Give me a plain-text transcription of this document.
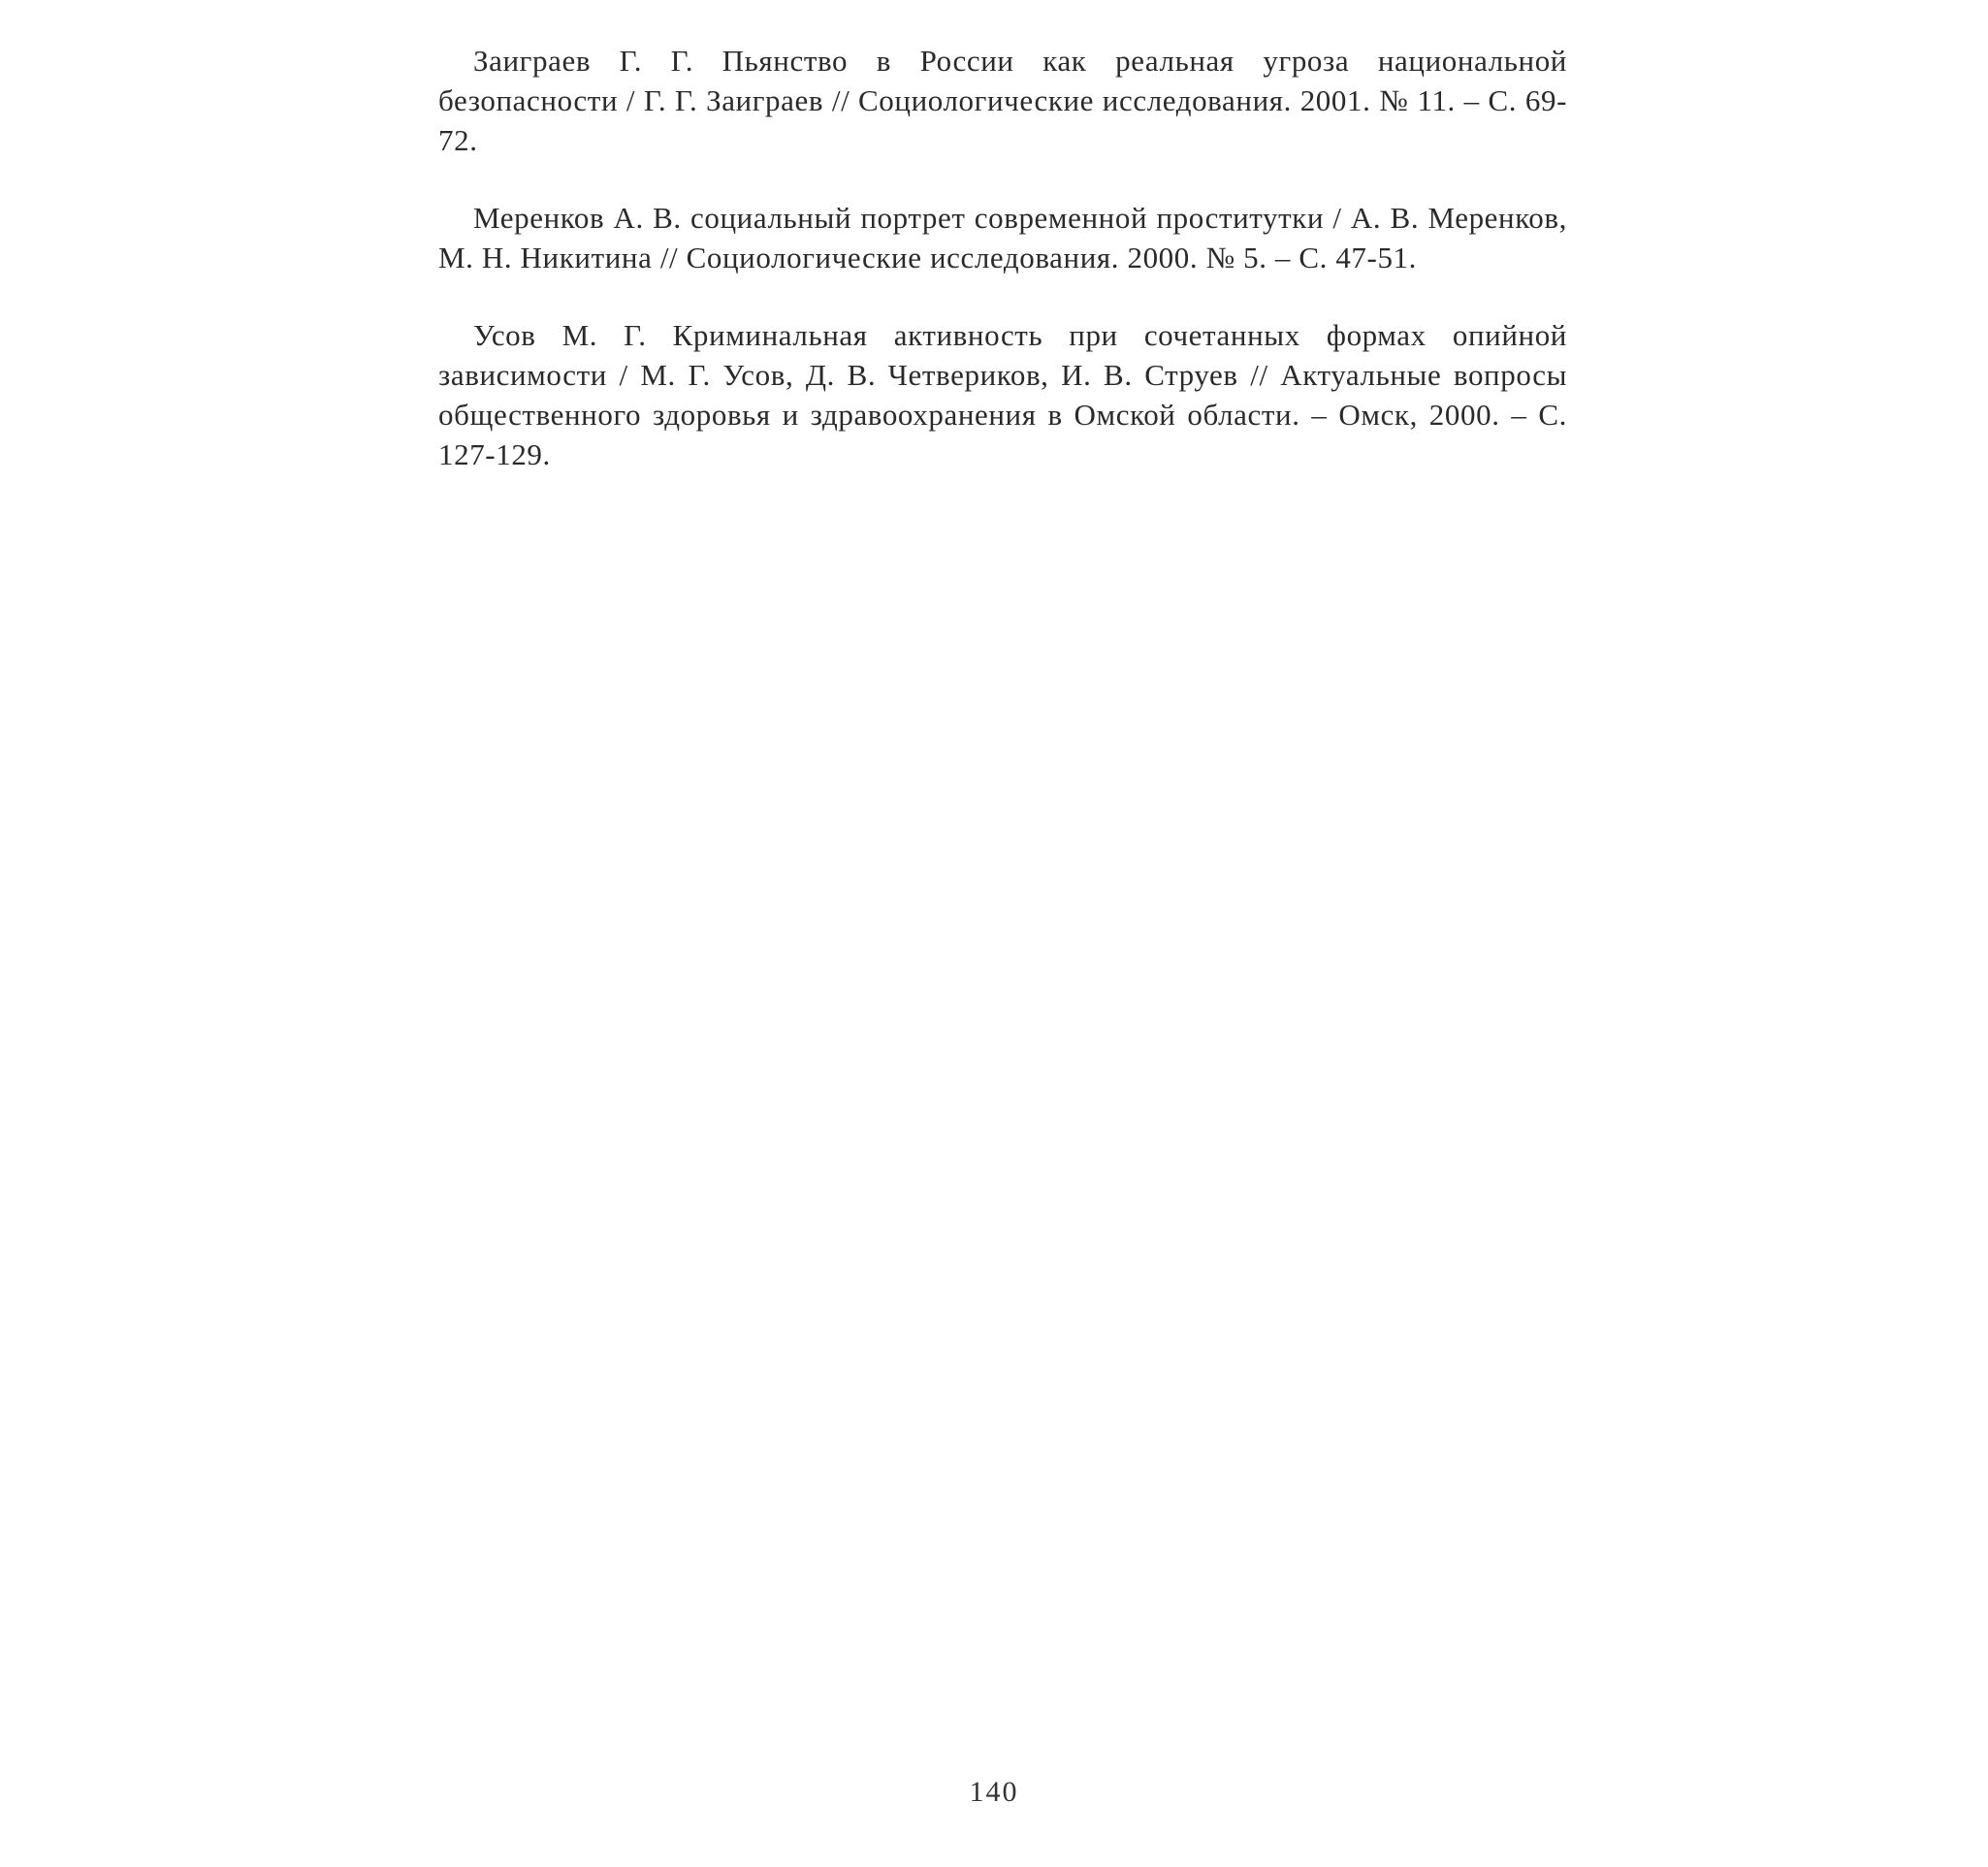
Заиграев Г. Г. Пьянство в России как реальная угроза национальной безопасности / Г. Г. Заиграев // Социологические исследования. 2001. № 11. – С. 69-72.

Меренков А. В. социальный портрет современной проститутки / А. В. Меренков, М. Н. Никитина // Социологические исследования. 2000. № 5. – С. 47-51.

Усов М. Г. Криминальная активность при сочетанных формах опийной зависимости / М. Г. Усов, Д. В. Четвериков, И. В. Струев // Актуальные вопросы общественного здоровья и здравоохранения в Омской области. – Омск, 2000. – С. 127-129.

140
